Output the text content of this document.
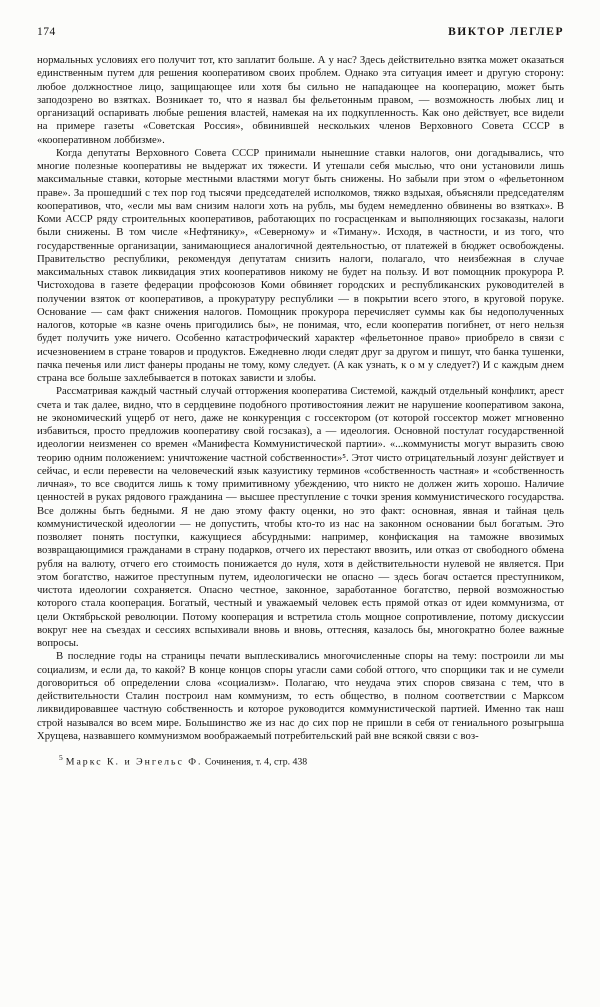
174	ВИКТОР ЛЕГЛЕР

нормальных условиях его получит тот, кто заплатит больше. А у нас? Здесь действительно взятка может оказаться единственным путем для решения кооперативом своих проблем. Однако эта ситуация имеет и другую сторону: любое должностное лицо, защищающее или хотя бы сильно не нападающее на кооперацию, может быть заподозрено во взятках. Возникает то, что я назвал бы фельетонным правом, — возможность любых лиц и организаций оспаривать любые решения властей, намекая на их подкупленность. Как оно действует, все видели на примере газеты «Советская Россия», обвинившей нескольких членов Верховного Совета СССР в «кооперативном лоббизме».

Когда депутаты Верховного Совета СССР принимали нынешние ставки налогов, они догадывались, что многие полезные кооперативы не выдержат их тяжести. И утешали себя мыслью, что они установили лишь максимальные ставки, которые местными властями могут быть снижены. Но забыли при этом о «фельетонном праве». За прошедший с тех пор год тысячи председателей исполкомов, тяжко вздыхая, объясняли председателям кооперативов, что, «если мы вам снизим налоги хоть на рубль, мы будем немедленно обвинены во взятках». В Коми АССР ряду строительных кооперативов, работающих по госрасценкам и выполняющих госзаказы, налоги были снижены. В том числе «Нефтянику», «Северному» и «Тиману». Исходя, в частности, и из того, что государственные организации, занимающиеся аналогичной деятельностью, от платежей в бюджет освобождены. Правительство республики, рекомендуя депутатам снизить налоги, полагало, что неизбежная в случае максимальных ставок ликвидация этих кооперативов никому не будет на пользу. И вот помощник прокурора Р. Чистоходова в газете федерации профсоюзов Коми обвиняет городских и республиканских руководителей в получении взяток от кооперативов, а прокуратуру республики — в покрытии всего этого, в круговой поруке. Основание — сам факт снижения налогов. Помощник прокурора перечисляет суммы как бы недополученных налогов, которые «в казне очень пригодились бы», не понимая, что, если кооператив погибнет, от него нельзя будет получить уже ничего. Особенно катастрофический характер «фельетонное право» приобрело в связи с исчезновением в стране товаров и продуктов. Ежедневно люди следят друг за другом и пишут, что банка тушенки, пачка печенья или лист фанеры проданы не тому, кому следует. (А как узнать, к о м у следует?) И с каждым днем страна все больше захлебывается в потоках зависти и злобы.

Рассматривая каждый частный случай отторжения кооператива Системой, каждый отдельный конфликт, арест счета и так далее, видно, что в сердцевине подобного противостояния лежит не нарушение кооперативом закона, не экономический ущерб от него, даже не конкуренция с госсектором (от которой госсектор может мгновенно избавиться, просто предложив кооперативу свой госзаказ), а — идеология. Основной постулат государственной идеологии неизменен со времен «Манифеста Коммунистической партии». «...коммунисты могут выразить свою теорию одним положением: уничтожение частной собственности»⁵. Этот чисто отрицательный лозунг действует и сейчас, и если перевести на человеческий язык казуистику терминов «собственность частная» и «собственность личная», то все сводится лишь к тому примитивному убеждению, что никто не должен жить хорошо. Наличие ценностей в руках рядового гражданина — высшее преступление с точки зрения коммунистического государства. Все должны быть бедными. Я не даю этому факту оценки, но это факт: основная, явная и тайная цель коммунистической идеологии — не допустить, чтобы кто-то из нас на законном основании был богатым. Это позволяет понять поступки, кажущиеся абсурдными: например, конфискация на таможне ввозимых возвращающимися гражданами в страну подарков, отчего их перестают ввозить, или отказ от свободного обмена рубля на валюту, отчего его стоимость понижается до нуля, хотя в действительности нулевой не является. При этом богатство, нажитое преступным путем, идеологически не опасно — здесь богач остается преступником, чистота идеологии сохраняется. Опасно честное, законное, заработанное богатство, первой возможностью которого стала кооперация. Богатый, честный и уважаемый человек есть прямой отказ от идеи коммунизма, от цели Октябрьской революции. Потому кооперация и встретила столь мощное сопротивление, потому дискуссии вокруг нее на съездах и сессиях вспыхивали вновь и вновь, оттесняя, казалось бы, многократно более важные вопросы.

В последние годы на страницы печати выплескивались многочисленные споры на тему: построили ли мы социализм, и если да, то какой? В конце концов споры угасли сами собой оттого, что спорщики так и не сумели договориться об определении слова «социализм». Полагаю, что неудача этих споров связана с тем, что в действительности Сталин построил нам коммунизм, то есть общество, в полном соответствии с Марксом ликвидировавшее частную собственность и которое руководится коммунистической партией. Именно так наш строй назывался во всем мире. Большинство же из нас до сих пор не пришли в себя от гениального розыгрыша Хрущева, назвавшего коммунизмом воображаемый потребительский рай вне всякой связи с воз-

$^5$ Маркс К. и Энгельс Ф. Сочинения, т. 4, стр. 438
